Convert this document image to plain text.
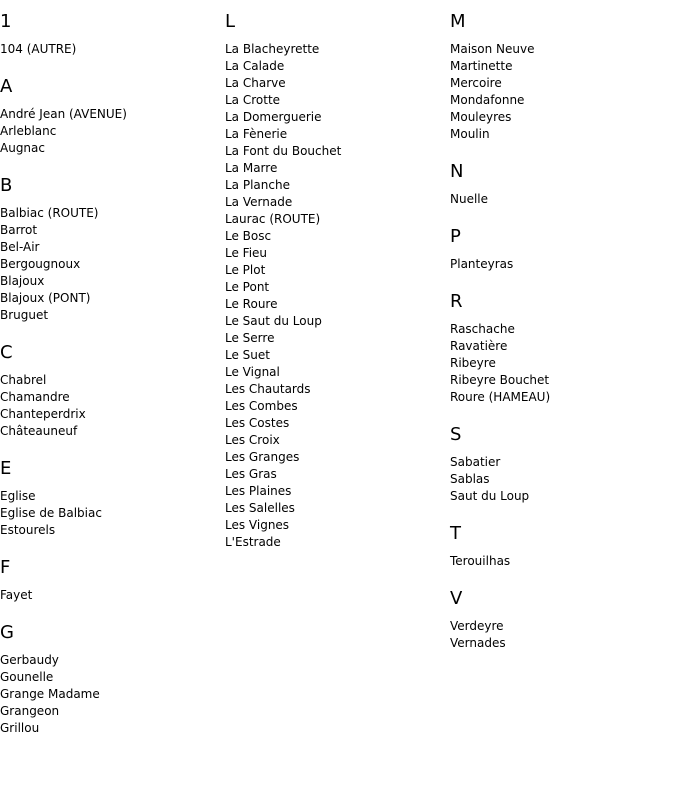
1
104 (AUTRE)
A
André Jean (AVENUE)
Arleblanc
Augnac
B
Balbiac (ROUTE)
Barrot
Bel-Air
Bergougnoux
Blajoux
Blajoux (PONT)
Bruguet
C
Chabrel
Chamandre
Chanteperdrix
Châteauneuf
E
Eglise
Eglise de Balbiac
Estourels
F
Fayet
G
Gerbaudy
Gounelle
Grange Madame
Grangeon
Grillou
L
La Blacheyrette
La Calade
La Charve
La Crotte
La Domerguerie
La Fènerie
La Font du Bouchet
La Marre
La Planche
La Vernade
Laurac (ROUTE)
Le Bosc
Le Fieu
Le Plot
Le Pont
Le Roure
Le Saut du Loup
Le Serre
Le Suet
Le Vignal
Les Chautards
Les Combes
Les Costes
Les Croix
Les Granges
Les Gras
Les Plaines
Les Salelles
Les Vignes
L'Estrade
M
Maison Neuve
Martinette
Mercoire
Mondafonne
Mouleyres
Moulin
N
Nuelle
P
Planteyras
R
Raschache
Ravatière
Ribeyre
Ribeyre Bouchet
Roure (HAMEAU)
S
Sabatier
Sablas
Saut du Loup
T
Terouilhas
V
Verdeyre
Vernades
